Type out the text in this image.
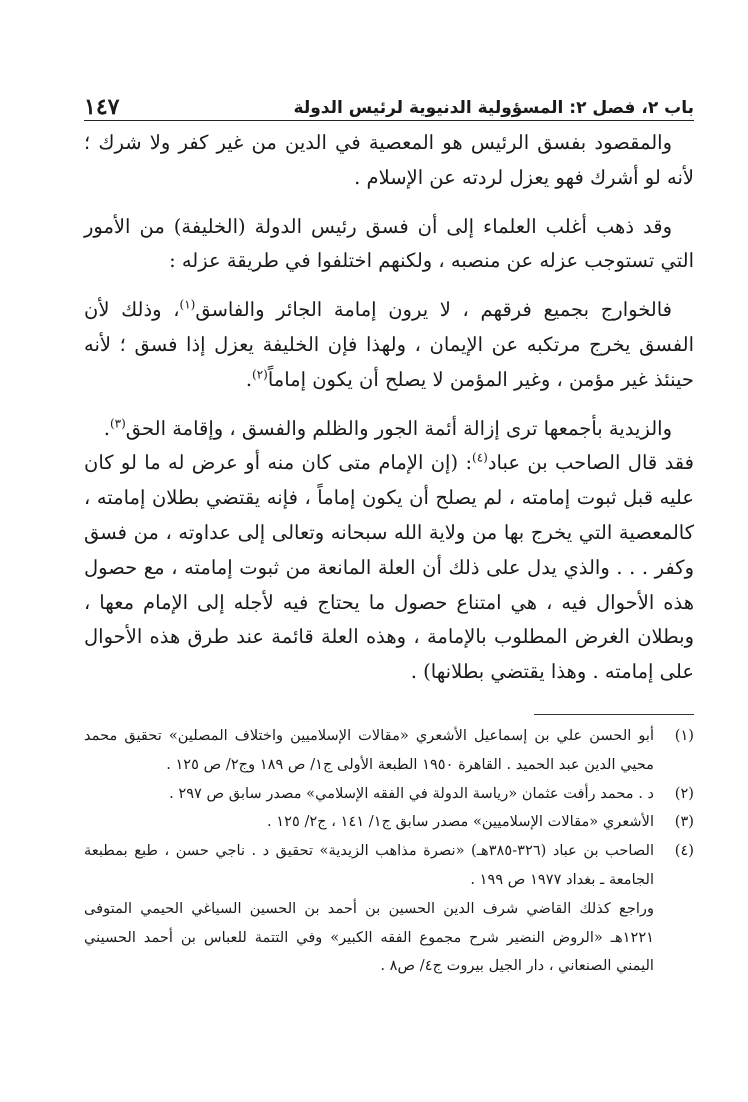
باب ٢، فصل ٢: المسؤولية الدنيوية لرئيس الدولة
١٤٧

والمقصود بفسق الرئيس هو المعصية في الدين من غير كفر ولا شرك ؛ لأنه لو أشرك فهو يعزل لردته عن الإسلام .

وقد ذهب أغلب العلماء إلى أن فسق رئيس الدولة (الخليفة) من الأمور التي تستوجب عزله عن منصبه ، ولكنهم اختلفوا في طريقة عزله :

فالخوارج بجميع فرقهم ، لا يرون إمامة الجائر والفاسق$^{(١)}$، وذلك لأن الفسق يخرج مرتكبه عن الإيمان ، ولهذا فإن الخليفة يعزل إذا فسق ؛ لأنه حينئذ غير مؤمن ، وغير المؤمن لا يصلح أن يكون إماماً$^{(٢)}$.

والزيدية بأجمعها ترى إزالة أئمة الجور والظلم والفسق ، وإقامة الحق$^{(٣)}$.

فقد قال الصاحب بن عباد$^{(٤)}$: (إن الإمام متى كان منه أو عرض له ما لو كان عليه قبل ثبوت إمامته ، لم يصلح أن يكون إماماً ، فإنه يقتضي بطلان إمامته ، كالمعصية التي يخرج بها من ولاية الله سبحانه وتعالى إلى عداوته ، من فسق وكفر . . . والذي يدل على ذلك أن العلة المانعة من ثبوت إمامته ، مع حصول هذه الأحوال فيه ، هي امتناع حصول ما يحتاج فيه لأجله إلى الإمام معها ، وبطلان الغرض المطلوب بالإمامة ، وهذه العلة قائمة عند طرق هذه الأحوال على إمامته . وهذا يقتضي بطلانها) .

(١)
أبو الحسن علي بن إسماعيل الأشعري «مقالات الإسلاميين واختلاف المصلين» تحقيق محمد محيي الدين عبد الحميد . القاهرة ١٩٥٠ الطبعة الأولى ج١/ ص ١٨٩ وج٢/ ص ١٢٥ .
(٢)
د . محمد رأفت عثمان «رياسة الدولة في الفقه الإسلامي» مصدر سابق ص ٢٩٧ .
(٣)
الأشعري «مقالات الإسلاميين» مصدر سابق ج١/ ١٤١ ، ج٢/ ١٢٥ .
(٤)
الصاحب بن عباد (٣٢٦-٣٨٥هـ) «نصرة مذاهب الزيدية» تحقيق د . ناجي حسن ، طبع بمطبعة الجامعة ـ بغداد ١٩٧٧ ص ١٩٩ .

وراجع كذلك القاضي شرف الدين الحسين بن أحمد بن الحسين السياغي الحيمي المتوفى ١٢٢١هـ «الروض النضير شرح مجموع الفقه الكبير» وفي التتمة للعباس بن أحمد الحسيني اليمني الصنعاني ، دار الجيل بيروت ج٤/ ص٨ .
